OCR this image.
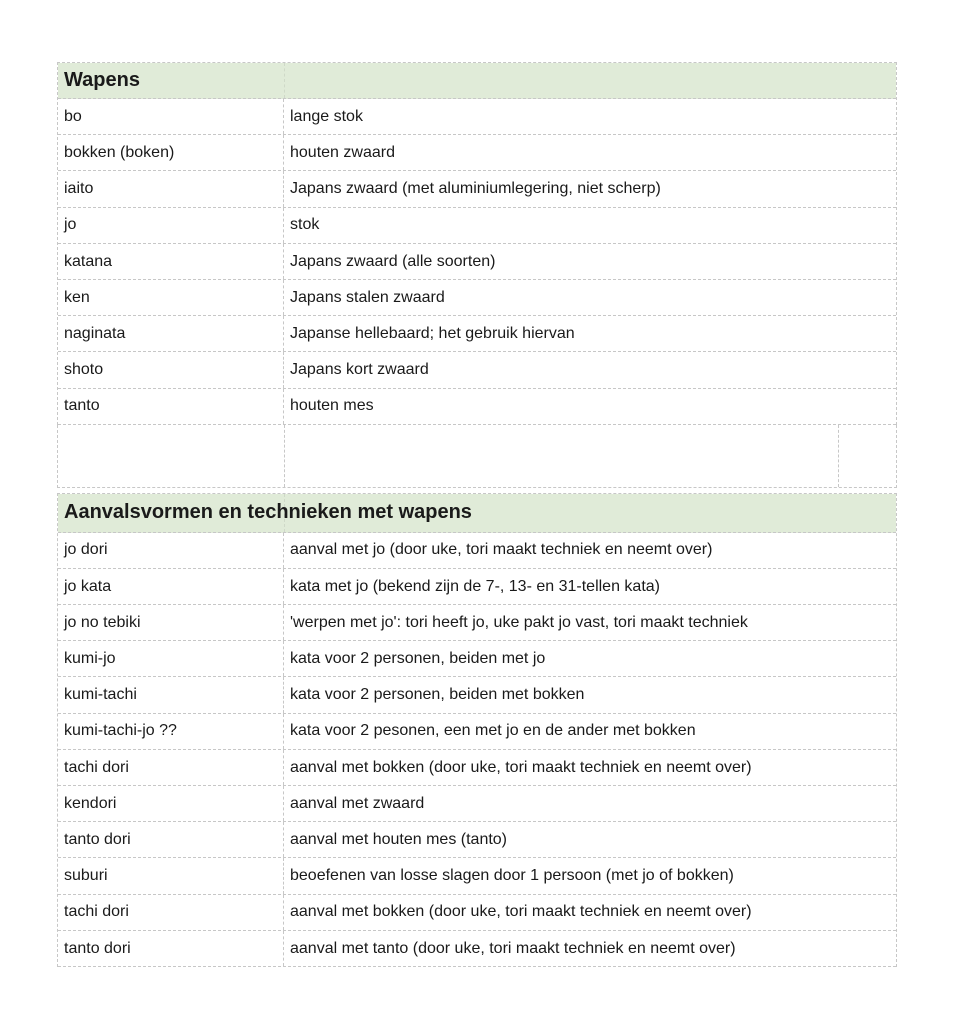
Wapens
bo	lange stok
bokken (boken)	houten zwaard
iaito	Japans zwaard (met aluminiumlegering, niet scherp)
jo	stok
katana	Japans zwaard (alle soorten)
ken	Japans stalen zwaard
naginata	Japanse hellebaard; het gebruik hiervan
shoto	Japans kort zwaard
tanto	houten mes
Aanvalsvormen en technieken met wapens
jo dori	aanval met jo (door uke, tori maakt techniek en neemt over)
jo kata	kata met jo (bekend zijn de 7-, 13- en 31-tellen kata)
jo no tebiki	'werpen met jo': tori heeft jo, uke pakt jo vast, tori maakt techniek
kumi-jo	kata voor 2 personen, beiden met jo
kumi-tachi	kata voor 2 personen, beiden met bokken
kumi-tachi-jo ??	kata voor 2 pesonen, een met jo en de ander met bokken
tachi dori	aanval met bokken (door uke, tori maakt techniek en neemt over)
kendori	aanval met zwaard
tanto dori	aanval met houten mes (tanto)
suburi	beoefenen van losse slagen door 1 persoon (met jo of bokken)
tachi dori	aanval met bokken (door uke, tori maakt techniek en neemt over)
tanto dori	aanval met tanto (door uke, tori maakt techniek en neemt over)
